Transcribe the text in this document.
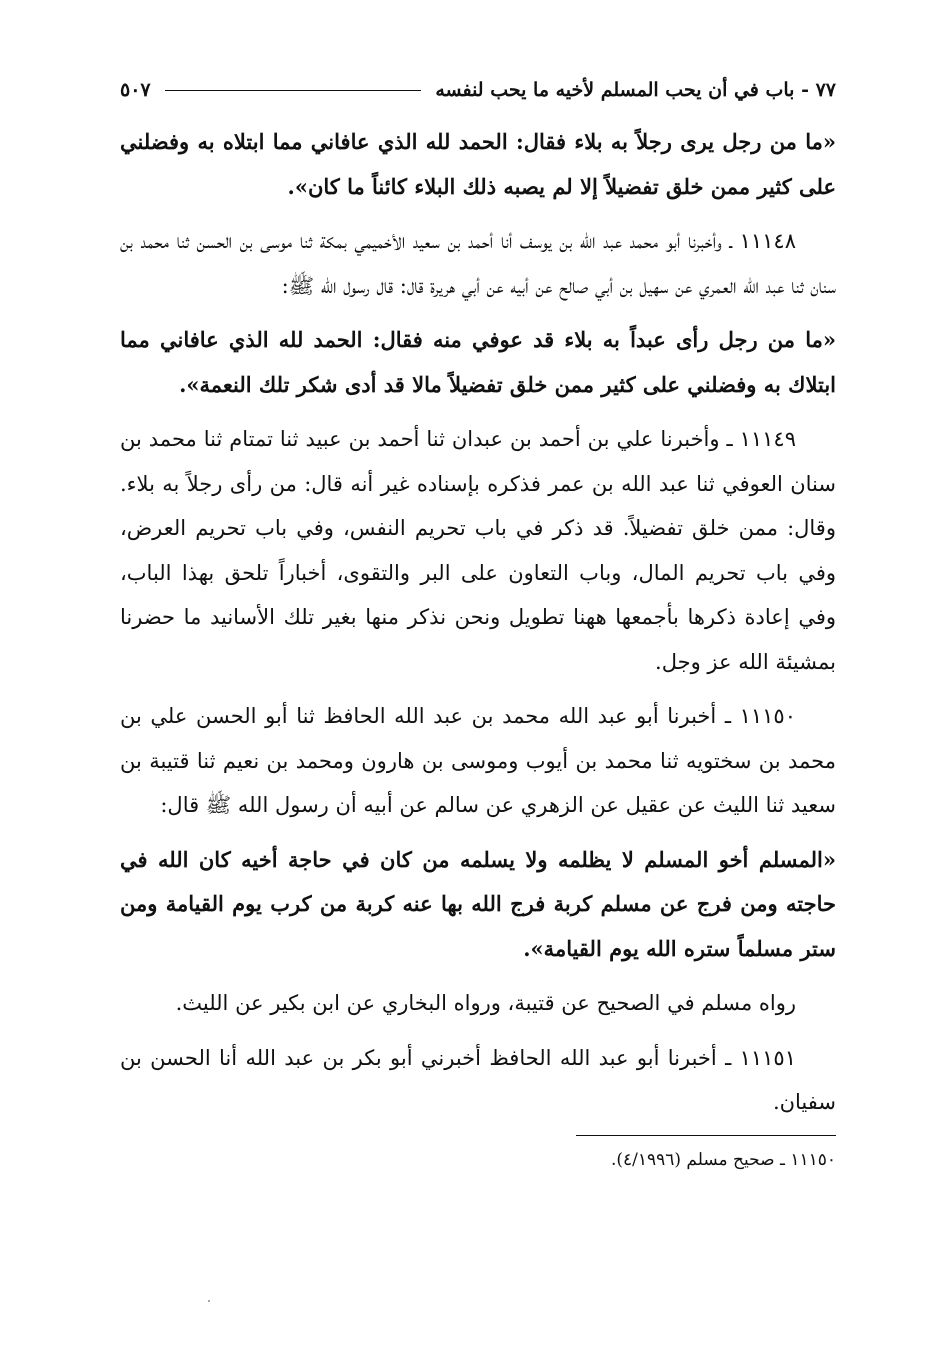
٧٧ - باب في أن يحب المسلم لأخيه ما يحب لنفسه
٥٠٧

«ما من رجل يرى رجلاً به بلاء فقال: الحمد لله الذي عافاني مما ابتلاه به وفضلني على كثير ممن خلق تفضيلاً إلا لم يصبه ذلك البلاء كائناً ما كان».

١١١٤٨ ـ وأخبرنا أبو محمد عبد الله بن يوسف أنا أحمد بن سعيد الأخميمي بمكة ثنا موسى بن الحسن ثنا محمد بن سنان ثنا عبد الله العمري عن سهيل بن أبي صالح عن أبيه عن أبي هريرة قال: قال رسول الله ﷺ:

«ما من رجل رأى عبداً به بلاء قد عوفي منه فقال: الحمد لله الذي عافاني مما ابتلاك به وفضلني على كثير ممن خلق تفضيلاً مالا قد أدى شكر تلك النعمة».

١١١٤٩ ـ وأخبرنا علي بن أحمد بن عبدان ثنا أحمد بن عبيد ثنا تمتام ثنا محمد بن سنان العوفي ثنا عبد الله بن عمر فذكره بإسناده غير أنه قال: من رأى رجلاً به بلاء. وقال: ممن خلق تفضيلاً. قد ذكر في باب تحريم النفس، وفي باب تحريم العرض، وفي باب تحريم المال، وباب التعاون على البر والتقوى، أخباراً تلحق بهذا الباب، وفي إعادة ذكرها بأجمعها ههنا تطويل ونحن نذكر منها بغير تلك الأسانيد ما حضرنا بمشيئة الله عز وجل.

١١١٥٠ ـ أخبرنا أبو عبد الله محمد بن عبد الله الحافظ ثنا أبو الحسن علي بن محمد بن سختويه ثنا محمد بن أيوب وموسى بن هارون ومحمد بن نعيم ثنا قتيبة بن سعيد ثنا الليث عن عقيل عن الزهري عن سالم عن أبيه أن رسول الله ﷺ قال:

«المسلم أخو المسلم لا يظلمه ولا يسلمه من كان في حاجة أخيه كان الله في حاجته ومن فرج عن مسلم كربة فرج الله بها عنه كربة من كرب يوم القيامة ومن ستر مسلماً ستره الله يوم القيامة».

رواه مسلم في الصحيح عن قتيبة، ورواه البخاري عن ابن بكير عن الليث.

١١١٥١ ـ أخبرنا أبو عبد الله الحافظ أخبرني أبو بكر بن عبد الله أنا الحسن بن سفيان.

١١١٥٠ ـ صحيح مسلم (٤/١٩٩٦).
